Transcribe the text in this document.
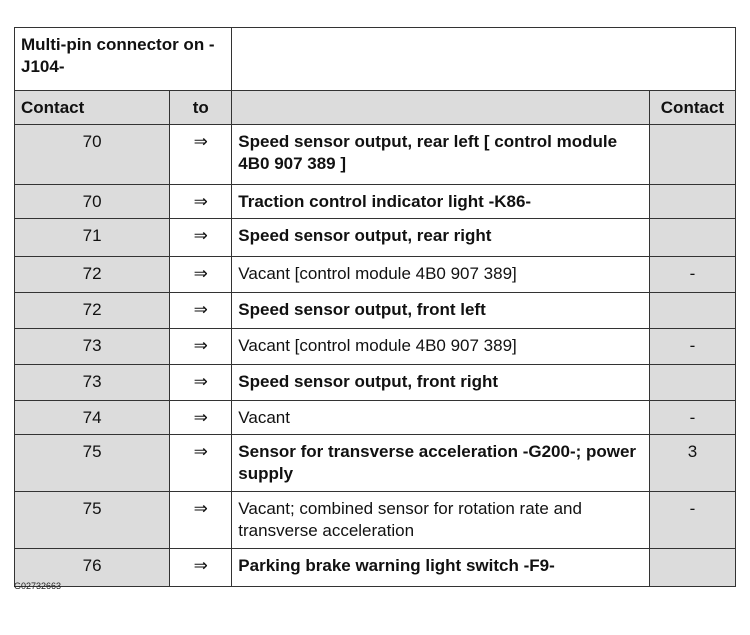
Multi-pin connector on -J104-			
Contact	to		Contact
70	⇒	Speed sensor output, rear left [ control module 4B0 907 389 ]	
70	⇒	Traction control indicator light -K86-	
71	⇒	Speed sensor output, rear right	
72	⇒	Vacant [control module 4B0 907 389]	-
72	⇒	Speed sensor output, front left	
73	⇒	Vacant [control module 4B0 907 389]	-
73	⇒	Speed sensor output, front right	
74	⇒	Vacant	-
75	⇒	Sensor for transverse acceleration -G200-; power supply	3
75	⇒	Vacant; combined sensor for rotation rate and transverse acceleration	-
76	⇒	Parking brake warning light switch -F9-	
G02732663
